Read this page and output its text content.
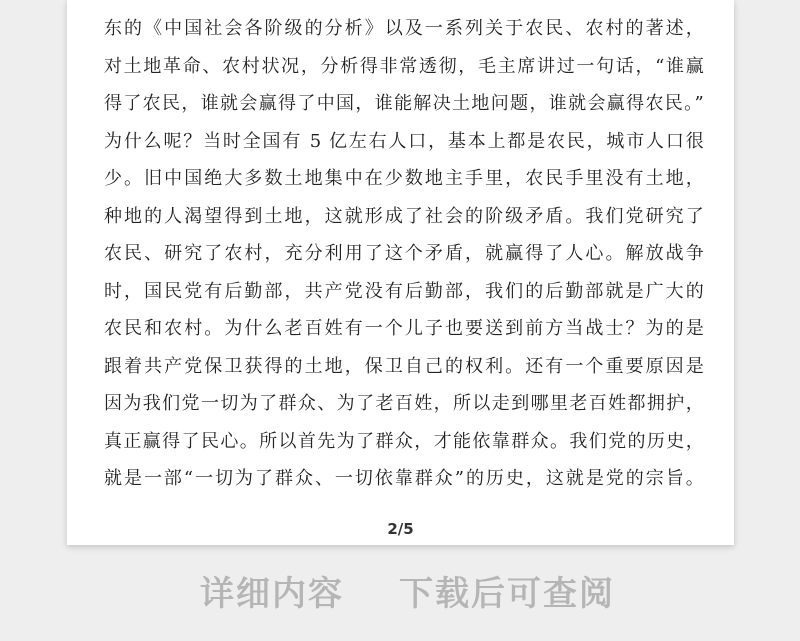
东的《中国社会各阶级的分析》以及一系列关于农民、农村的著述，
对土地革命、农村状况，分析得非常透彻，毛主席讲过一句话，“谁赢
得了农民，谁就会赢得了中国，谁能解决土地问题，谁就会赢得农民。”
为什么呢？当时全国有 5 亿左右人口，基本上都是农民，城市人口很
少。旧中国绝大多数土地集中在少数地主手里，农民手里没有土地，
种地的人渴望得到土地，这就形成了社会的阶级矛盾。我们党研究了
农民、研究了农村，充分利用了这个矛盾，就赢得了人心。解放战争
时，国民党有后勤部，共产党没有后勤部，我们的后勤部就是广大的
农民和农村。为什么老百姓有一个儿子也要送到前方当战士？为的是
跟着共产党保卫获得的土地，保卫自己的权利。还有一个重要原因是
因为我们党一切为了群众、为了老百姓，所以走到哪里老百姓都拥护，
真正赢得了民心。所以首先为了群众，才能依靠群众。我们党的历史，
就是一部“一切为了群众、一切依靠群众”的历史，这就是党的宗旨。
2/5
详细内容 下载后可查阅
